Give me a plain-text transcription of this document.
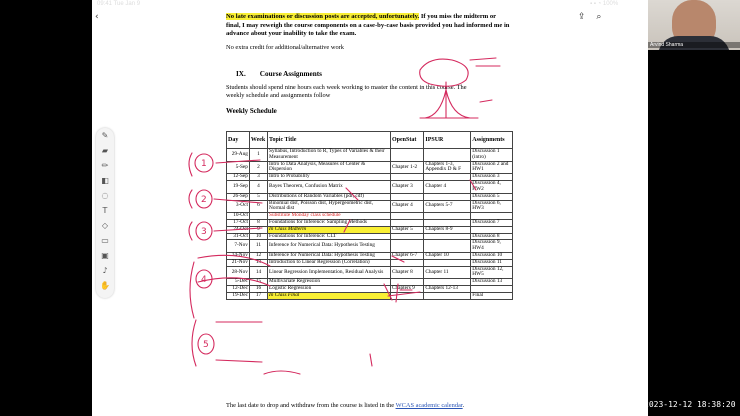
09:41 Tue Jan 9	▪ ▪ ◔ 100%
‹	⇪ ⌕
✎
▰
✏
◧
◌
T
◇
▭
▣
♪
✋
No late examinations or discussion posts are accepted, unfortunately. If you miss the midterm or final, I may reweigh the course components on a case-by-case basis provided you had informed me in advance about your inability to take the exam.
No extra credit for additional/alternative work
IX. Course Assignments
Students should spend nine hours each week working to master the content in this course. The weekly schedule and assignments follow
Weekly Schedule
Day	Week	Topic Title	OpenStat	IPSUR	Assignments
29-Aug	1	Syllabus, Introduction to R, Types of Variables & their Measurement			Discussion 1 (intro)
5-Sep	2	Intro to Data Analysis, Measures of Center & Dispersion	Chapter 1-2	Chapters 1-3, Appendix D & F	Discussion 2 and HW1
12-Sep	3	Intro to Probability			Discussion 3
19-Sep	4	Bayes Theorem, Confusion Matrix	Chapter 3	Chapter 4	Discussion 4, HW2
26-Sep	5	Distributions of Random Variables (pdf, cdf)			Discussion 5
3-Oct	6	Binomial dist, Poisson dist, Hypergeometric dist, Normal dist	Chapter 4	Chapters 5-7	Discussion 6, HW3
10-Oct		Substitute Monday class schedule			
17-Oct	8	Foundations for Inference: Sampling Methods			Discussion 7
24-Oct	9	In Class Midterm	Chapter 5	Chapters 8-9	
31-Oct	10	Foundations for Inference: CLT			Discussion 8
7-Nov	11	Inference for Numerical Data: Hypothesis Testing			Discussion 9, HW4
14-Nov	12	Inference for Numerical Data: Hypothesis Testing	Chapter 6-7	Chapter 10	Discussion 10
21-Nov	13	Introduction to Linear Regression (Correlation)			Discussion 11
28-Nov	14	Linear Regression Implementation, Residual Analysis	Chapter 8	Chapter 11	Discussion 12, HW5
5-Dec	15	Multivariate Regression			Discussion 13
12-Dec	16	Logistic Regression	Chapters 9	Chapters 12-13	
19-Dec	17	In Class Final			Final
The last date to drop and withdraw from the course is listed in the WCAS academic calendar.
Arvind Sharma
2023-12-12 18:38:20
1
2
3
4
5
